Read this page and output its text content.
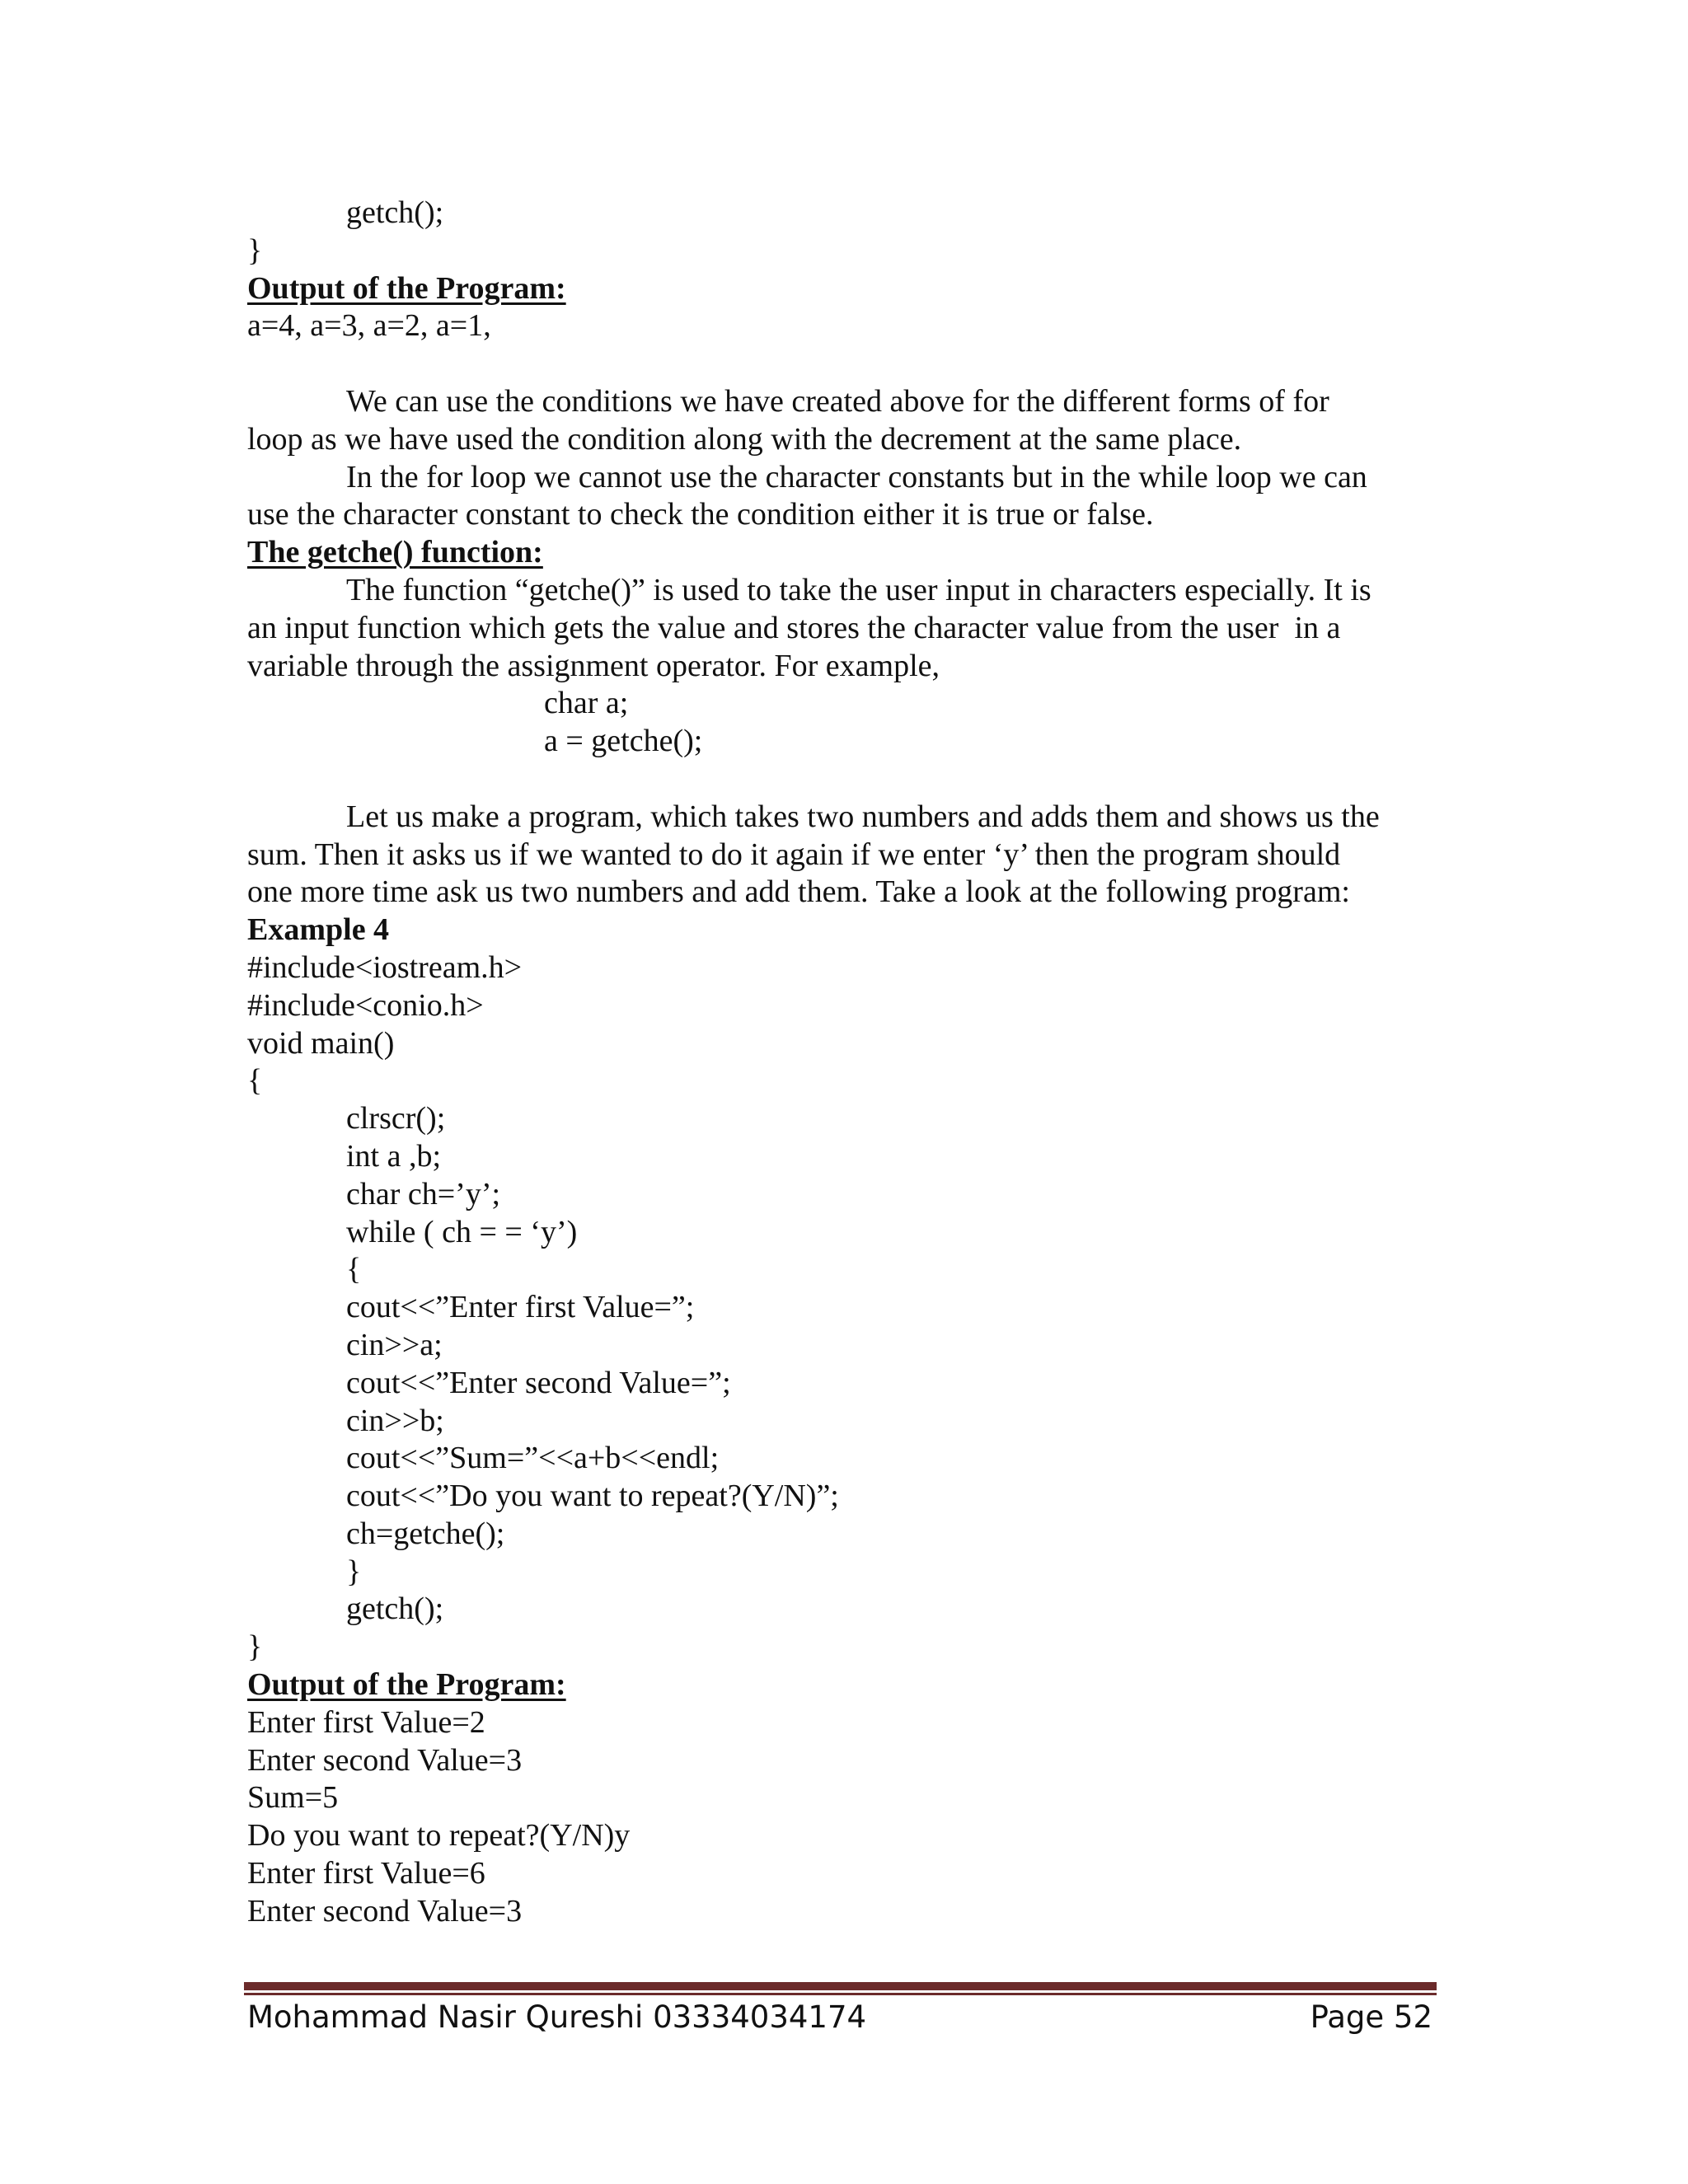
getch();
}
Output of the Program:
a=4, a=3, a=2, a=1,
We can use the conditions we have created above for the different forms of for
loop as we have used the condition along with the decrement at the same place.
In the for loop we cannot use the character constants but in the while loop we can
use the character constant to check the condition either it is true or false.
The getche() function:
The function “getche()” is used to take the user input in characters especially. It is
an input function which gets the value and stores the character value from the user  in a
variable through the assignment operator. For example,
char a;
a = getche();
Let us make a program, which takes two numbers and adds them and shows us the
sum. Then it asks us if we wanted to do it again if we enter ‘y’ then the program should
one more time ask us two numbers and add them. Take a look at the following program:
Example 4
#include<iostream.h>
#include<conio.h>
void main()
{
clrscr();
int a ,b;
char ch=’y’;
while ( ch = = ‘y’)
{
cout<<”Enter first Value=”;
cin>>a;
cout<<”Enter second Value=”;
cin>>b;
cout<<”Sum=”<<a+b<<endl;
cout<<”Do you want to repeat?(Y/N)”;
ch=getche();
}
getch();
}
Output of the Program:
Enter first Value=2
Enter second Value=3
Sum=5
Do you want to repeat?(Y/N)y
Enter first Value=6
Enter second Value=3
Mohammad Nasir Qureshi 03334034174	Page 52
